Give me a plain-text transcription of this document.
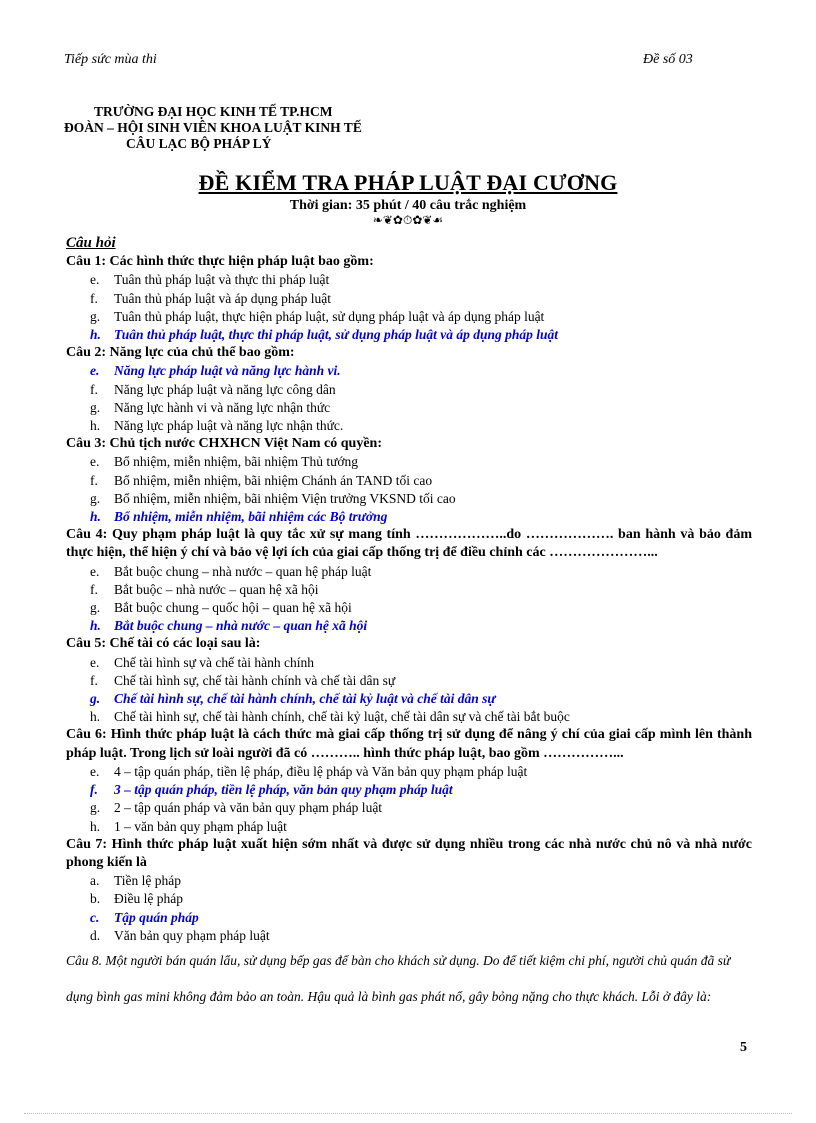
Tiếp sức mùa thi	Đề số 03
TRƯỜNG ĐẠI HỌC KINH TẾ TP.HCM
ĐOÀN – HỘI SINH VIÊN KHOA LUẬT KINH TẾ
CÂU LẠC BỘ PHÁP LÝ
ĐỀ KIỂM TRA PHÁP LUẬT ĐẠI CƯƠNG
Thời gian: 35 phút / 40 câu trắc nghiệm
❧❦✿⏱✿❦☙
Câu hỏi
Câu 1: Các hình thức thực hiện pháp luật bao gồm:
e. Tuân thủ pháp luật và thực thi pháp luật
f. Tuân thủ pháp luật và áp dụng pháp luật
g. Tuân thủ pháp luật, thực hiện pháp luật, sử dụng pháp luật và áp dụng pháp luật
h. Tuân thủ pháp luật, thực thi pháp luật, sử dụng pháp luật và áp dụng pháp luật
Câu 2: Năng lực của chủ thể bao gồm:
e. Năng lực pháp luật và năng lực hành vi.
f. Năng lực pháp luật và năng lực công dân
g. Năng lực hành vi và năng lực nhận thức
h. Năng lực pháp luật và năng lực nhận thức.
Câu 3: Chủ tịch nước CHXHCN Việt Nam có quyền:
e. Bổ nhiệm, miễn nhiệm, bãi nhiệm Thủ tướng
f. Bổ nhiệm, miễn nhiệm, bãi nhiệm Chánh án TAND tối cao
g. Bổ nhiệm, miễn nhiệm, bãi nhiệm Viện trưởng VKSND tối cao
h. Bổ nhiệm, miễn nhiệm, bãi nhiệm các Bộ trưởng
Câu 4: Quy phạm pháp luật là quy tắc xử sự mang tính ………………..do ………………. ban hành và bảo đảm thực hiện, thể hiện ý chí và bảo vệ lợi ích của giai cấp thống trị để điều chỉnh các …………………...
e. Bắt buộc chung – nhà nước – quan hệ pháp luật
f. Bắt buộc – nhà nước – quan hệ xã hội
g. Bắt buộc chung – quốc hội – quan hệ xã hội
h. Bắt buộc chung – nhà nước – quan hệ xã hội
Câu 5: Chế tài có các loại sau là:
e. Chế tài hình sự và chế tài hành chính
f. Chế tài hình sự, chế tài hành chính và chế tài dân sự
g. Chế tài hình sự, chế tài hành chính, chế tài kỷ luật và chế tài dân sự
h. Chế tài hình sự, chế tài hành chính, chế tài kỷ luật, chế tài dân sự và chế tài bắt buộc
Câu 6: Hình thức pháp luật là cách thức mà giai cấp thống trị sử dụng để nâng ý chí của giai cấp mình lên thành pháp luật. Trong lịch sử loài người đã có ……….. hình thức pháp luật, bao gồm ……………...
e. 4 – tập quán pháp, tiền lệ pháp, điều lệ pháp và Văn bản quy phạm pháp luật
f. 3 – tập quán pháp, tiền lệ pháp, văn bản quy phạm pháp luật
g. 2 – tập quán pháp và văn bản quy phạm pháp luật
h. 1 – văn bản quy phạm pháp luật
Câu 7: Hình thức pháp luật xuất hiện sớm nhất và được sử dụng nhiều trong các nhà nước chủ nô và nhà nước phong kiến là
a. Tiền lệ pháp
b. Điều lệ pháp
c. Tập quán pháp
d. Văn bản quy phạm pháp luật
Câu 8. Một người bán quán lẩu, sử dụng bếp gas để bàn cho khách sử dụng. Do để tiết kiệm chi phí, người chủ quán đã sử dụng bình gas mini không đảm bảo an toàn. Hậu quả là bình gas phát nổ, gây bỏng nặng cho thực khách. Lỗi ở đây là:
5
